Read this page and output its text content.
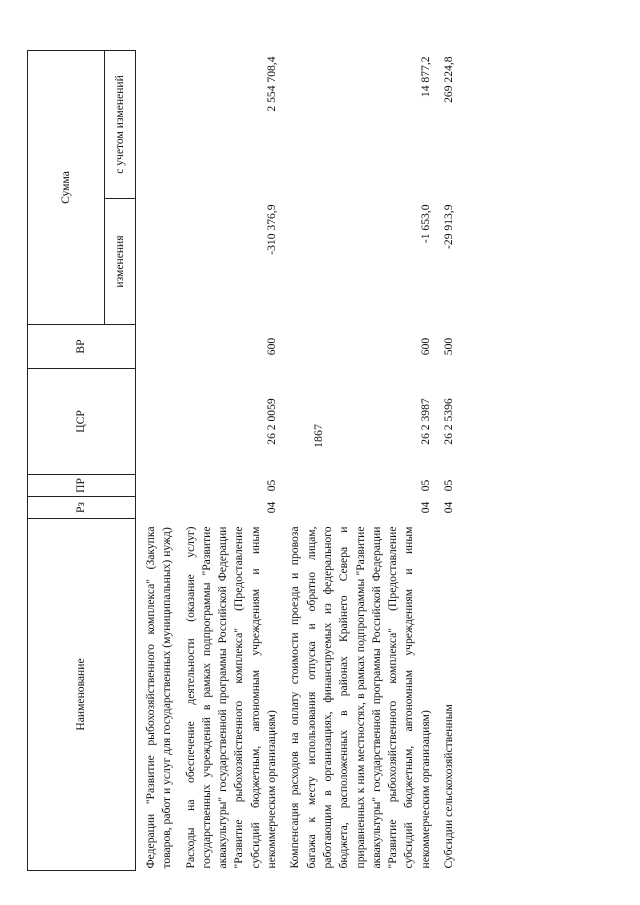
1867
Наименование	Рз	ПР	ЦСР	ВР	Сумма	
					изменения	с учетом изменений
Федерации "Развитие рыбохозяйственного комплекса" (Закупка товаров, работ и услуг для государственных (муниципальных) нужд)						
Расходы на обеспечение деятельности (оказание услуг) государственных учреждений в рамках подпрограммы "Развитие аквакультуры" государственной программы Российской Федерации "Развитие рыбохозяйственного комплекса" (Предоставление субсидий бюджетным, автономным учреждениям и иным некоммерческим организациям)	04	05	26 2 0059	600	-310 376,9	2 554 708,4
Компенсация расходов на оплату стоимости проезда и провоза багажа к месту использования отпуска и обратно лицам, работающим в организациях, финансируемых из федерального бюджета, расположенных в районах Крайнего Севера и приравненных к ним местностях, в рамках подпрограммы "Развитие аквакультуры" государственной программы Российской Федерации "Развитие рыбохозяйственного комплекса" (Предоставление субсидий бюджетным, автономным учреждениям и иным некоммерческим организациям)	04	05	26 2 3987	600	-1 653,0	14 877,2
Субсидии сельскохозяйственным	04	05	26 2 5396	500	-29 913,9	269 224,8
